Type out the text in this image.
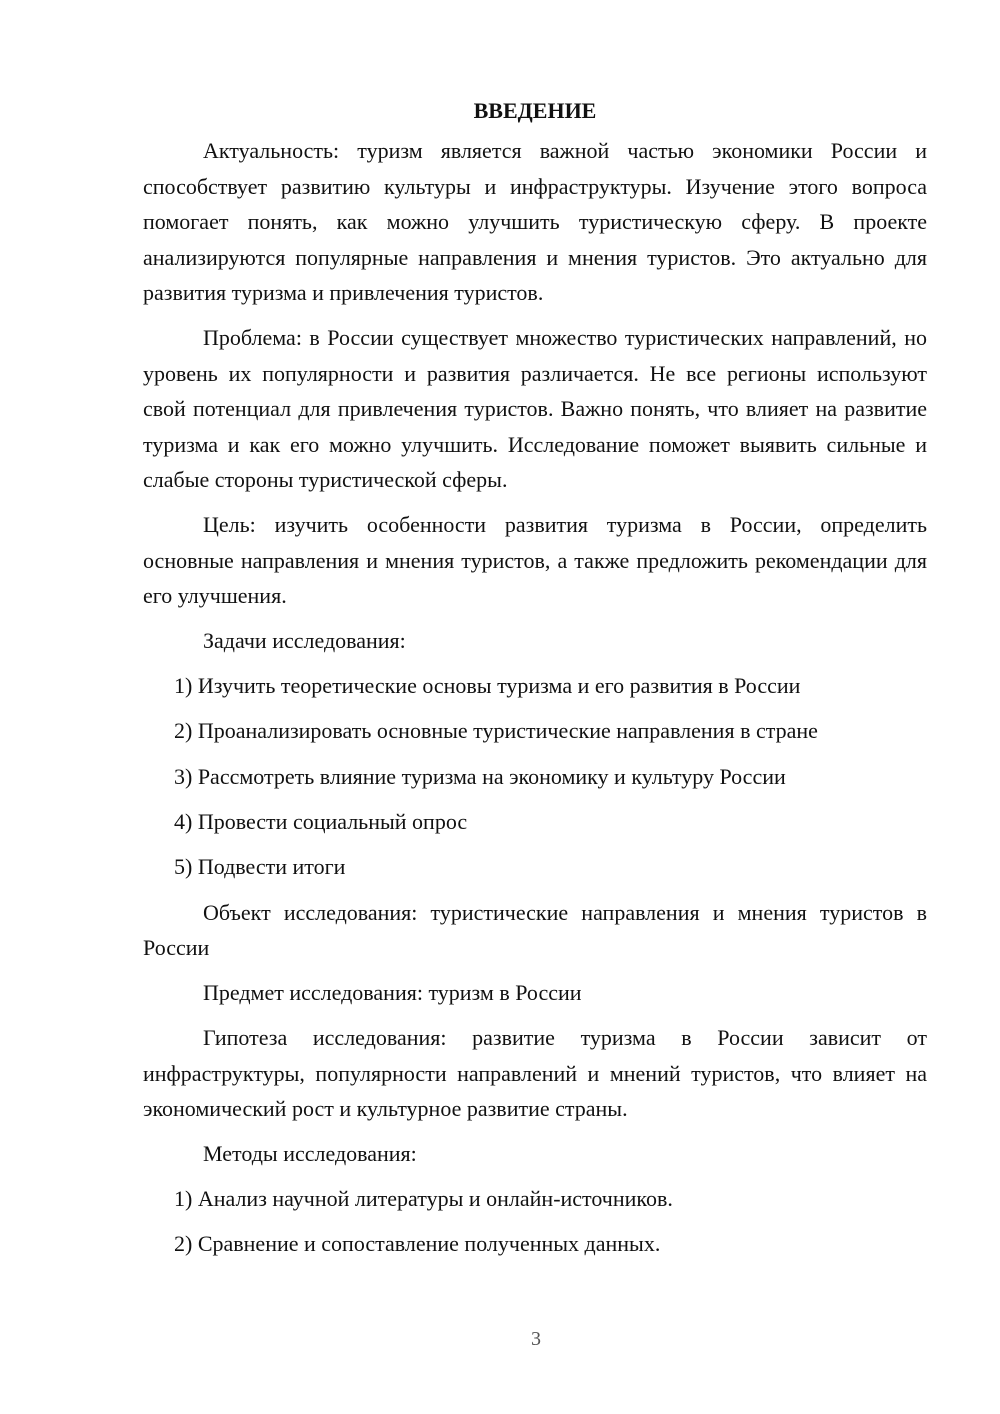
ВВЕДЕНИЕ

Актуальность: туризм является важной частью экономики России и способствует развитию культуры и инфраструктуры. Изучение этого вопроса помогает понять, как можно улучшить туристическую сферу. В проекте анализируются популярные направления и мнения туристов. Это актуально для развития туризма и привлечения туристов.

Проблема: в России существует множество туристических направлений, но уровень их популярности и развития различается. Не все регионы используют свой потенциал для привлечения туристов. Важно понять, что влияет на развитие туризма и как его можно улучшить. Исследование поможет выявить сильные и слабые стороны туристической сферы.

Цель: изучить особенности развития туризма в России, определить основные направления и мнения туристов, а также предложить рекомендации для его улучшения.

Задачи исследования:
1) Изучить теоретические основы туризма и его развития в России
2) Проанализировать основные туристические направления в стране
3) Рассмотреть влияние туризма на экономику и культуру России
4) Провести социальный опрос
5) Подвести итоги

Объект исследования: туристические направления и мнения туристов в России

Предмет исследования: туризм в России

Гипотеза исследования: развитие туризма в России зависит от инфраструктуры, популярности направлений и мнений туристов, что влияет на экономический рост и культурное развитие страны.

Методы исследования:
1) Анализ научной литературы и онлайн-источников.
2) Сравнение и сопоставление полученных данных.
3
